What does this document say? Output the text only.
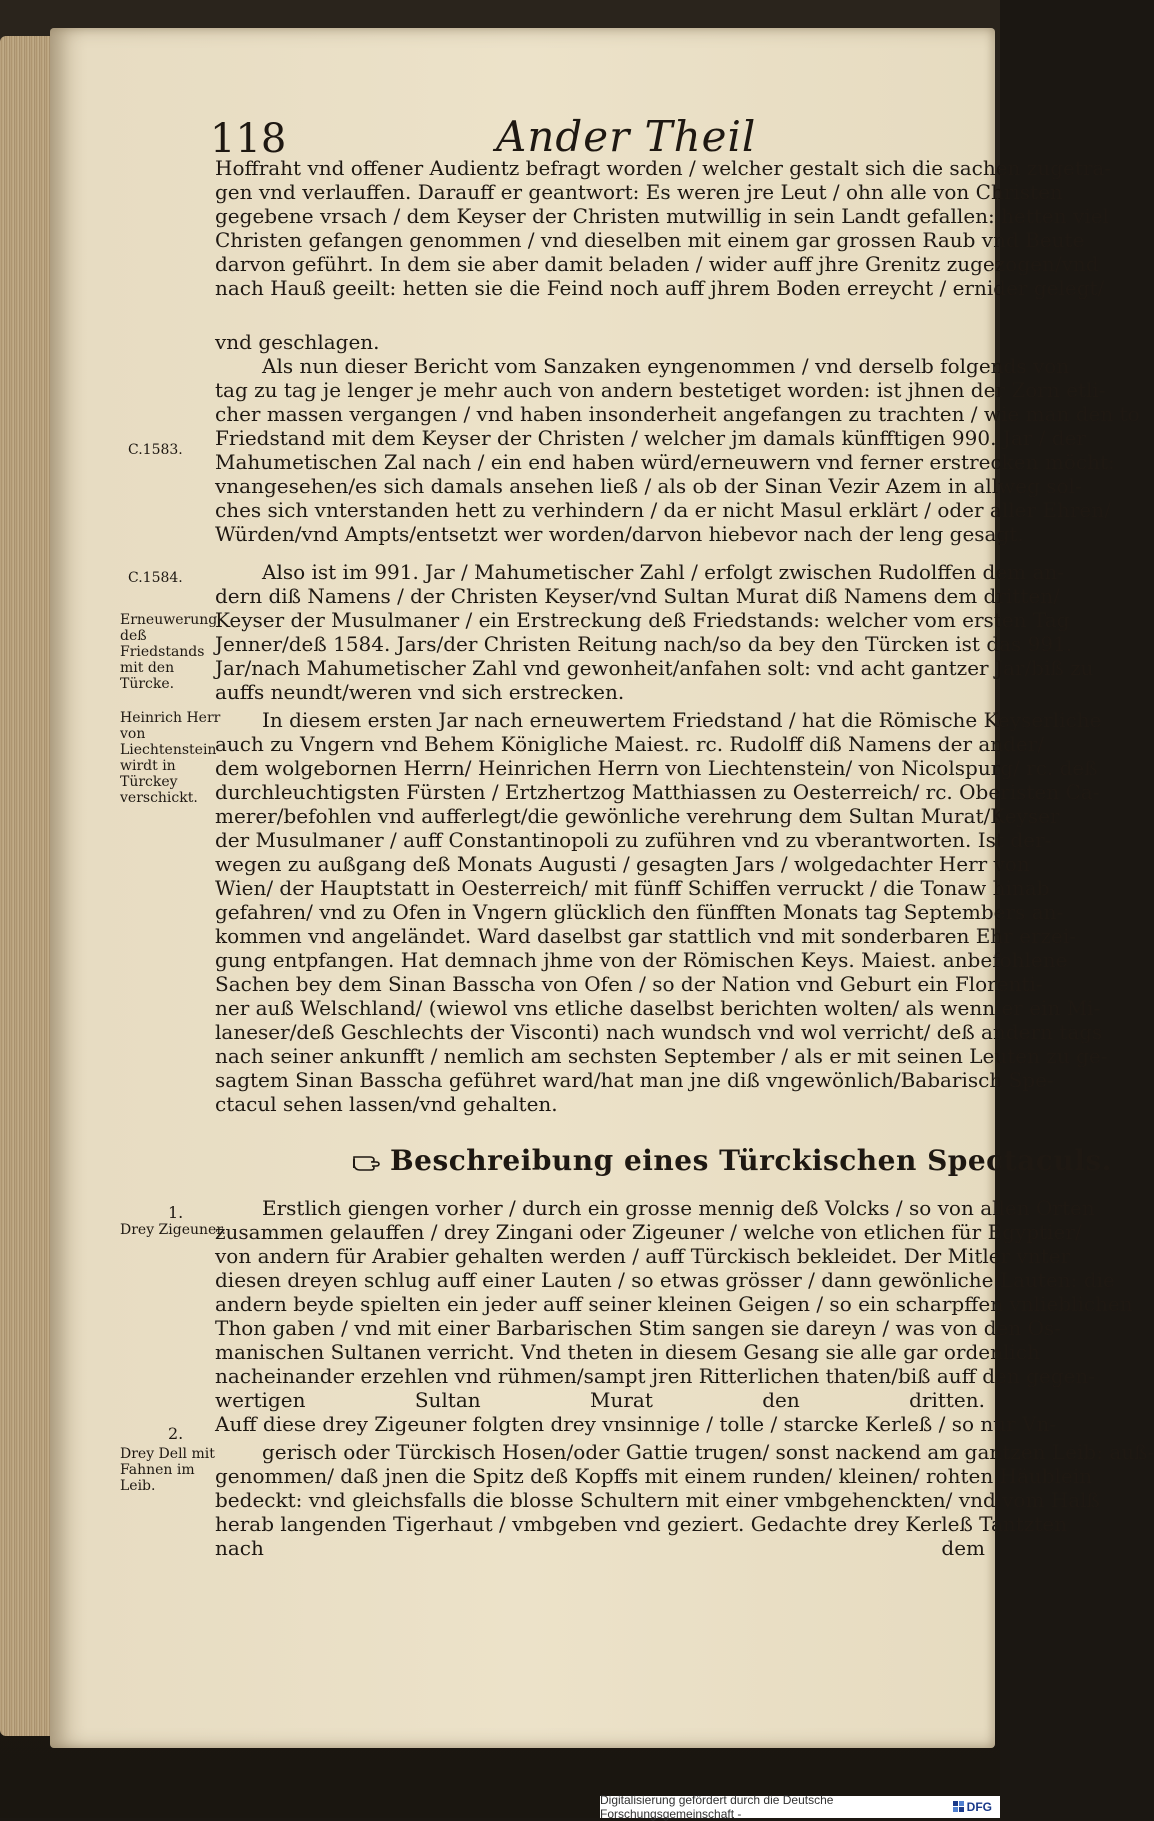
118	Ander Theil
Hoffraht vnd offener Audientz befragt worden / welcher gestalt sich die sachen zugetra-
gen vnd verlauffen. Darauff er geantwort: Es weren jre Leut / ohn alle von Christen
gegebene vrsach / dem Keyser der Christen mutwillig in sein Landt gefallen: hetten viel
Christen gefangen genommen / vnd dieselben mit einem gar grossen Raub vnd Beute
darvon geführt. In dem sie aber damit beladen / wider auff jhre Grenitz zugezogen/vnd
nach Hauß geeilt: hetten sie die Feind noch auff jhrem Boden erreycht / ernider gelegt/
vnd geschlagen.
Als nun dieser Bericht vom Sanzaken eyngenommen / vnd derselb folgends von
tag zu tag je lenger je mehr auch von andern bestetiget worden: ist jhnen der Zorn etli-
cher massen vergangen / vnd haben insonderheit angefangen zu trachten / wie man den to
Friedstand mit dem Keyser der Christen / welcher jm damals künfftigen 990. Jar / der
Mahumetischen Zal nach / ein end haben würd/erneuwern vnd ferner erstrecken möcht:
vnangesehen/es sich damals ansehen ließ / als ob der Sinan Vezir Azem in allweg sol-
ches sich vnterstanden hett zu verhindern / da er nicht Masul erklärt / oder aller Ehren/
Würden/vnd Ampts/entsetzt wer worden/darvon hiebevor nach der leng gesagt.
Also ist im 991. Jar / Mahumetischer Zahl / erfolgt zwischen Rudolffen dem an-
dern diß Namens / der Christen Keyser/vnd Sultan Murat diß Namens dem dritten/
Keyser der Musulmaner / ein Erstreckung deß Friedstands: welcher vom ersten Tag
Jenner/deß 1584. Jars/der Christen Reitung nach/so da bey den Türcken ist das 991.
Jar/nach Mahumetischer Zahl vnd gewonheit/anfahen solt: vnd acht gantzer Jar/biß zu
auffs neundt/weren vnd sich erstrecken.
In diesem ersten Jar nach erneuwertem Friedstand / hat die Römische Keyserliche
auch zu Vngern vnd Behem Königliche Maiest. rc. Rudolff diß Namens der ander/
dem wolgebornen Herrn/ Heinrichen Herrn von Liechtenstein/ von Nicolspurg/ rc. deß
durchleuchtigsten Fürsten / Ertzhertzog Matthiassen zu Oesterreich/ rc. Oberisten Ca-
merer/befohlen vnd aufferlegt/die gewönliche verehrung dem Sultan Murat/Keyser
der Musulmaner / auff Constantinopoli zu zuführen vnd zu vberantworten. Ist der-
wegen zu außgang deß Monats Augusti / gesagten Jars / wolgedachter Herr von
Wien/ der Hauptstatt in Oesterreich/ mit fünff Schiffen verruckt / die Tonaw hinab
gefahren/ vnd zu Ofen in Vngern glücklich den fünfften Monats tag Septembers an-
kommen vnd angeländet. Ward daselbst gar stattlich vnd mit sonderbaren Ehr erzei-
gung entpfangen. Hat demnach jhme von der Römischen Keys. Maiest. anbefohlene
Sachen bey dem Sinan Basscha von Ofen / so der Nation vnd Geburt ein Florenti-
ner auß Welschland/ (wiewol vns etliche daselbst berichten wolten/ als wenn er ein Mi-
laneser/deß Geschlechts der Visconti) nach wundsch vnd wol verricht/ deß andern tags
nach seiner ankunfft / nemlich am sechsten September / als er mit seinen Leuten zu ge-
sagtem Sinan Basscha geführet ward/hat man jne diß vngewönlich/Babarisch Spe-
ctacul sehen lassen/vnd gehalten.
Erstlich giengen vorher / durch ein grosse mennig deß Volcks / so von allen Orten
zusammen gelauffen / drey Zingani oder Zigeuner / welche von etlichen für Egyptier/
von andern für Arabier gehalten werden / auff Türckisch bekleidet. Der Mitler vnter
diesen dreyen schlug auff einer Lauten / so etwas grösser / dann gewönliche Lauten: die
andern beyde spielten ein jeder auff seiner kleinen Geigen / so ein scharpffen vnlieblichen
Thon gaben / vnd mit einer Barbarischen Stim sangen sie dareyn / was von den Os-
manischen Sultanen verricht. Vnd theten in diesem Gesang sie alle gar ordenlich
nacheinander erzehlen vnd rühmen/sampt jren Ritterlichen thaten/biß auff den gegen-
wertigen Sultan Murat den dritten.
Auff diese drey Zigeuner folgten drey vnsinnige / tolle / starcke Kerleß / so nur Vn-
gerisch oder Türckisch Hosen/oder Gattie trugen/ sonst nackend am gantzen Leib: auß-
genommen/ daß jnen die Spitz deß Kopffs mit einem runden/ kleinen/ rohten Häublein
bedeckt: vnd gleichsfalls die blosse Schultern mit einer vmbgehenckten/ vnd vom Halß
herab langenden Tigerhaut / vmbgeben vnd geziert. Gedachte drey Kerleß Tantzten
nach dem
C.1583.
C.1584.
Erneuwerung deß Friedstands mit den Türcke.
Heinrich Herr von Liechtenstein wirdt in Türckey verschickt.
1.
Drey Zigeuner.
2.
Drey Dell mit Fahnen im Leib.
Beschreibung eines Türckischen Spectaculs.
Digitalisierung gefördert durch die Deutsche Forschungsgemeinschaft -	DFG
